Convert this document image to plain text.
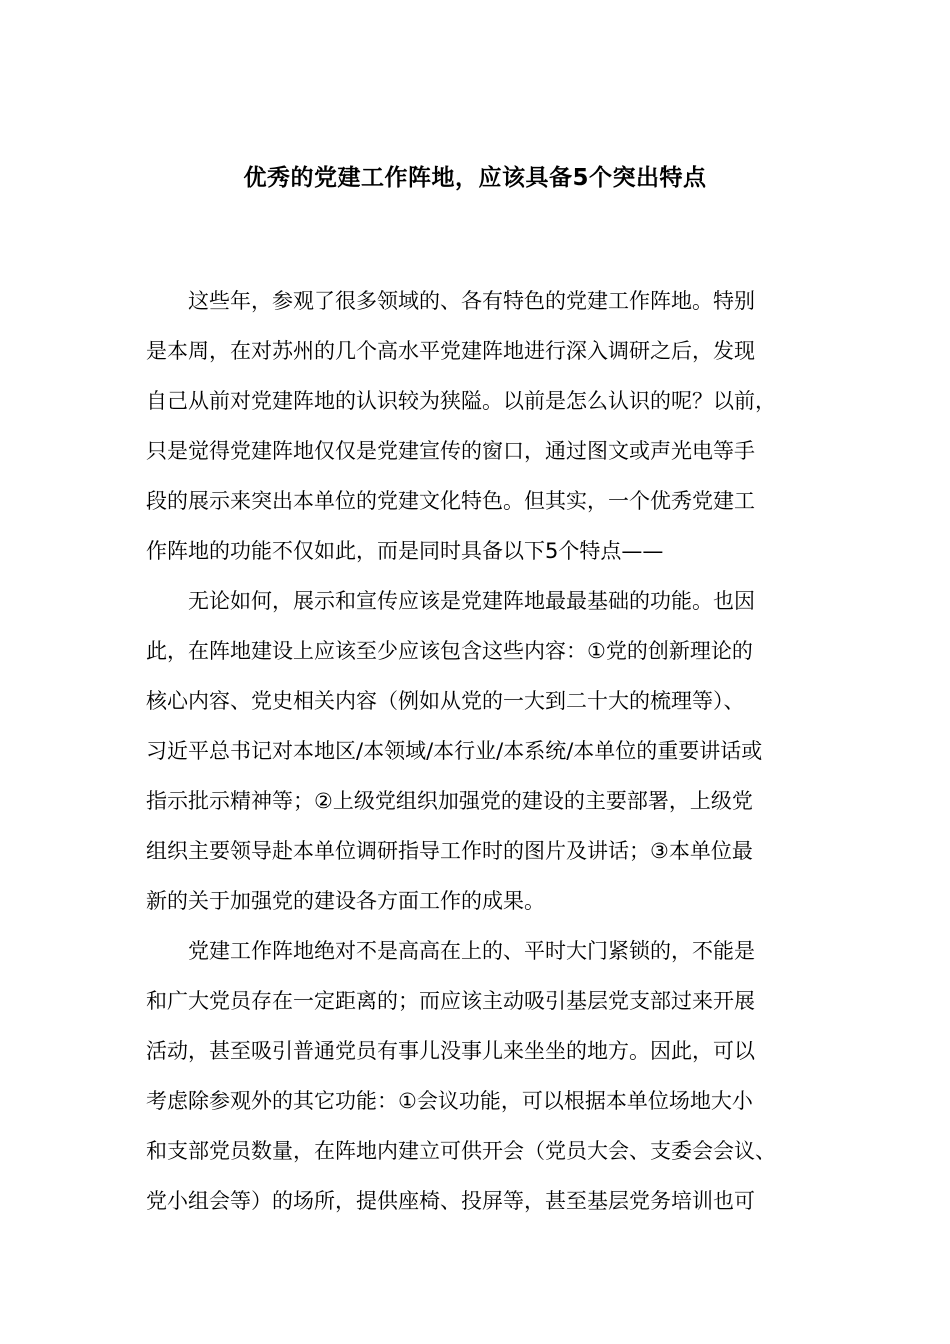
优秀的党建工作阵地，应该具备5个突出特点
这些年，参观了很多领域的、各有特色的党建工作阵地。特别
是本周，在对苏州的几个高水平党建阵地进行深入调研之后，发现
自己从前对党建阵地的认识较为狭隘。以前是怎么认识的呢？以前，
只是觉得党建阵地仅仅是党建宣传的窗口，通过图文或声光电等手
段的展示来突出本单位的党建文化特色。但其实，一个优秀党建工
作阵地的功能不仅如此，而是同时具备以下5个特点——
无论如何，展示和宣传应该是党建阵地最最基础的功能。也因
此，在阵地建设上应该至少应该包含这些内容：①党的创新理论的
核心内容、党史相关内容（例如从党的一大到二十大的梳理等）、
习近平总书记对本地区/本领域/本行业/本系统/本单位的重要讲话或
指示批示精神等；②上级党组织加强党的建设的主要部署，上级党
组织主要领导赴本单位调研指导工作时的图片及讲话；③本单位最
新的关于加强党的建设各方面工作的成果。
党建工作阵地绝对不是高高在上的、平时大门紧锁的，不能是
和广大党员存在一定距离的；而应该主动吸引基层党支部过来开展
活动，甚至吸引普通党员有事儿没事儿来坐坐的地方。因此，可以
考虑除参观外的其它功能：①会议功能，可以根据本单位场地大小
和支部党员数量，在阵地内建立可供开会（党员大会、支委会会议、
党小组会等）的场所，提供座椅、投屏等，甚至基层党务培训也可
